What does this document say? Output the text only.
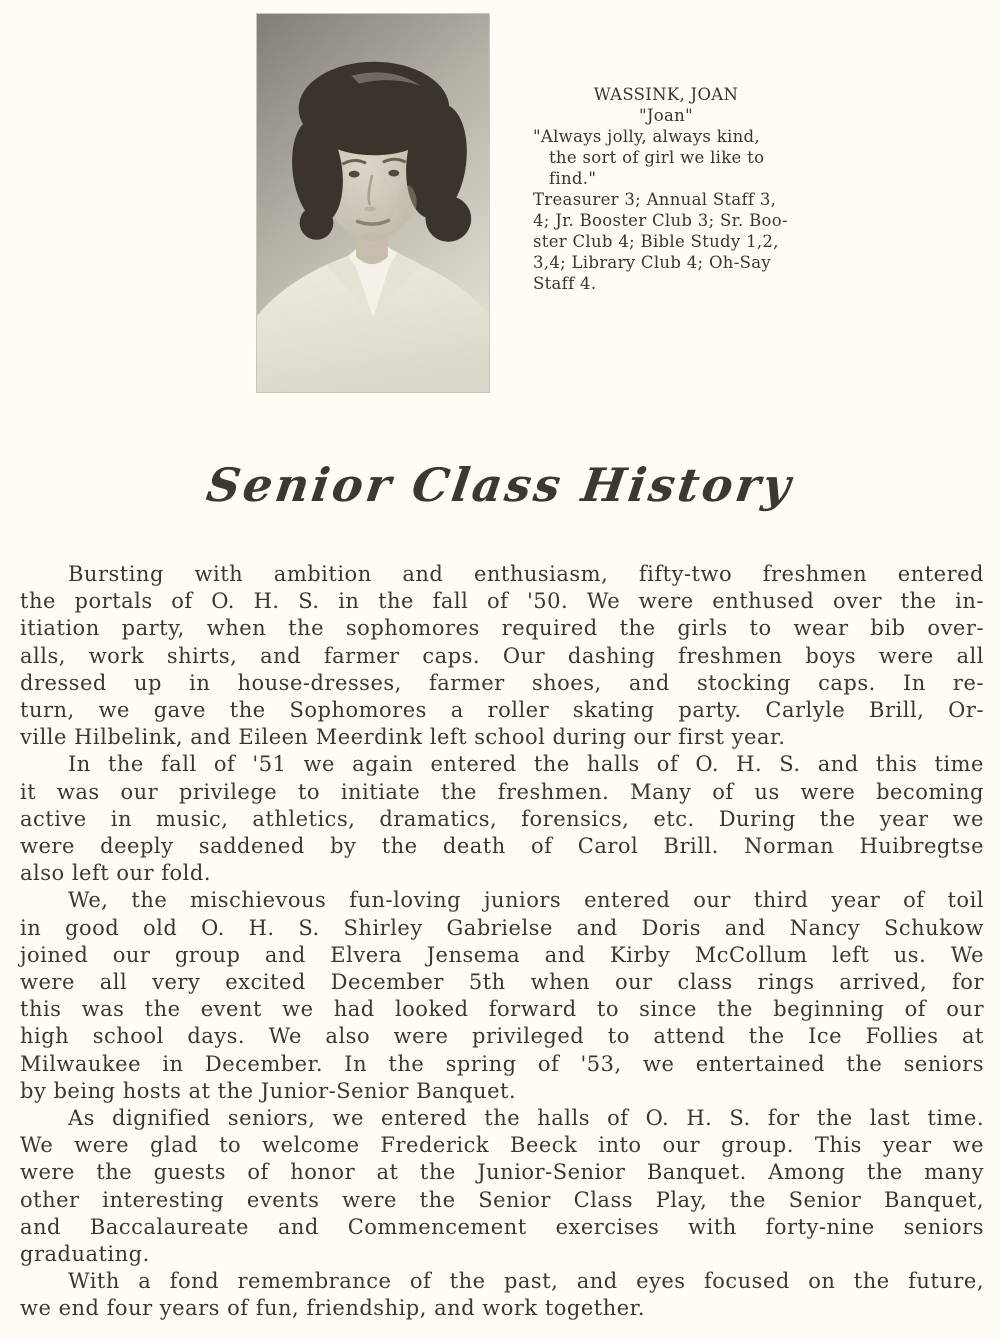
WASSINK, JOAN
"Joan"
"Always jolly, always kind,
the sort of girl we like to
find."
Treasurer 3; Annual Staff 3,
4; Jr. Booster Club 3; Sr. Boo-
ster Club 4; Bible Study 1,2,
3,4; Library Club 4; Oh-Say
Staff 4.
Senior Class History
Bursting with ambition and enthusiasm, fifty-two freshmen entered
the portals of O. H. S. in the fall of '50. We were enthused over the in-
itiation party, when the sophomores required the girls to wear bib over-
alls, work shirts, and farmer caps. Our dashing freshmen boys were all
dressed up in house-dresses, farmer shoes, and stocking caps. In re-
turn, we gave the Sophomores a roller skating party. Carlyle Brill, Or-
ville Hilbelink, and Eileen Meerdink left school during our first year.
In the fall of '51 we again entered the halls of O. H. S. and this time
it was our privilege to initiate the freshmen. Many of us were becoming
active in music, athletics, dramatics, forensics, etc. During the year we
were deeply saddened by the death of Carol Brill. Norman Huibregtse
also left our fold.
We, the mischievous fun-loving juniors entered our third year of toil
in good old O. H. S. Shirley Gabrielse and Doris and Nancy Schukow
joined our group and Elvera Jensema and Kirby McCollum left us. We
were all very excited December 5th when our class rings arrived, for
this was the event we had looked forward to since the beginning of our
high school days. We also were privileged to attend the Ice Follies at
Milwaukee in December. In the spring of '53, we entertained the seniors
by being hosts at the Junior-Senior Banquet.
As dignified seniors, we entered the halls of O. H. S. for the last time.
We were glad to welcome Frederick Beeck into our group. This year we
were the guests of honor at the Junior-Senior Banquet. Among the many
other interesting events were the Senior Class Play, the Senior Banquet,
and Baccalaureate and Commencement exercises with forty-nine seniors
graduating.
With a fond remembrance of the past, and eyes focused on the future,
we end four years of fun, friendship, and work together.
